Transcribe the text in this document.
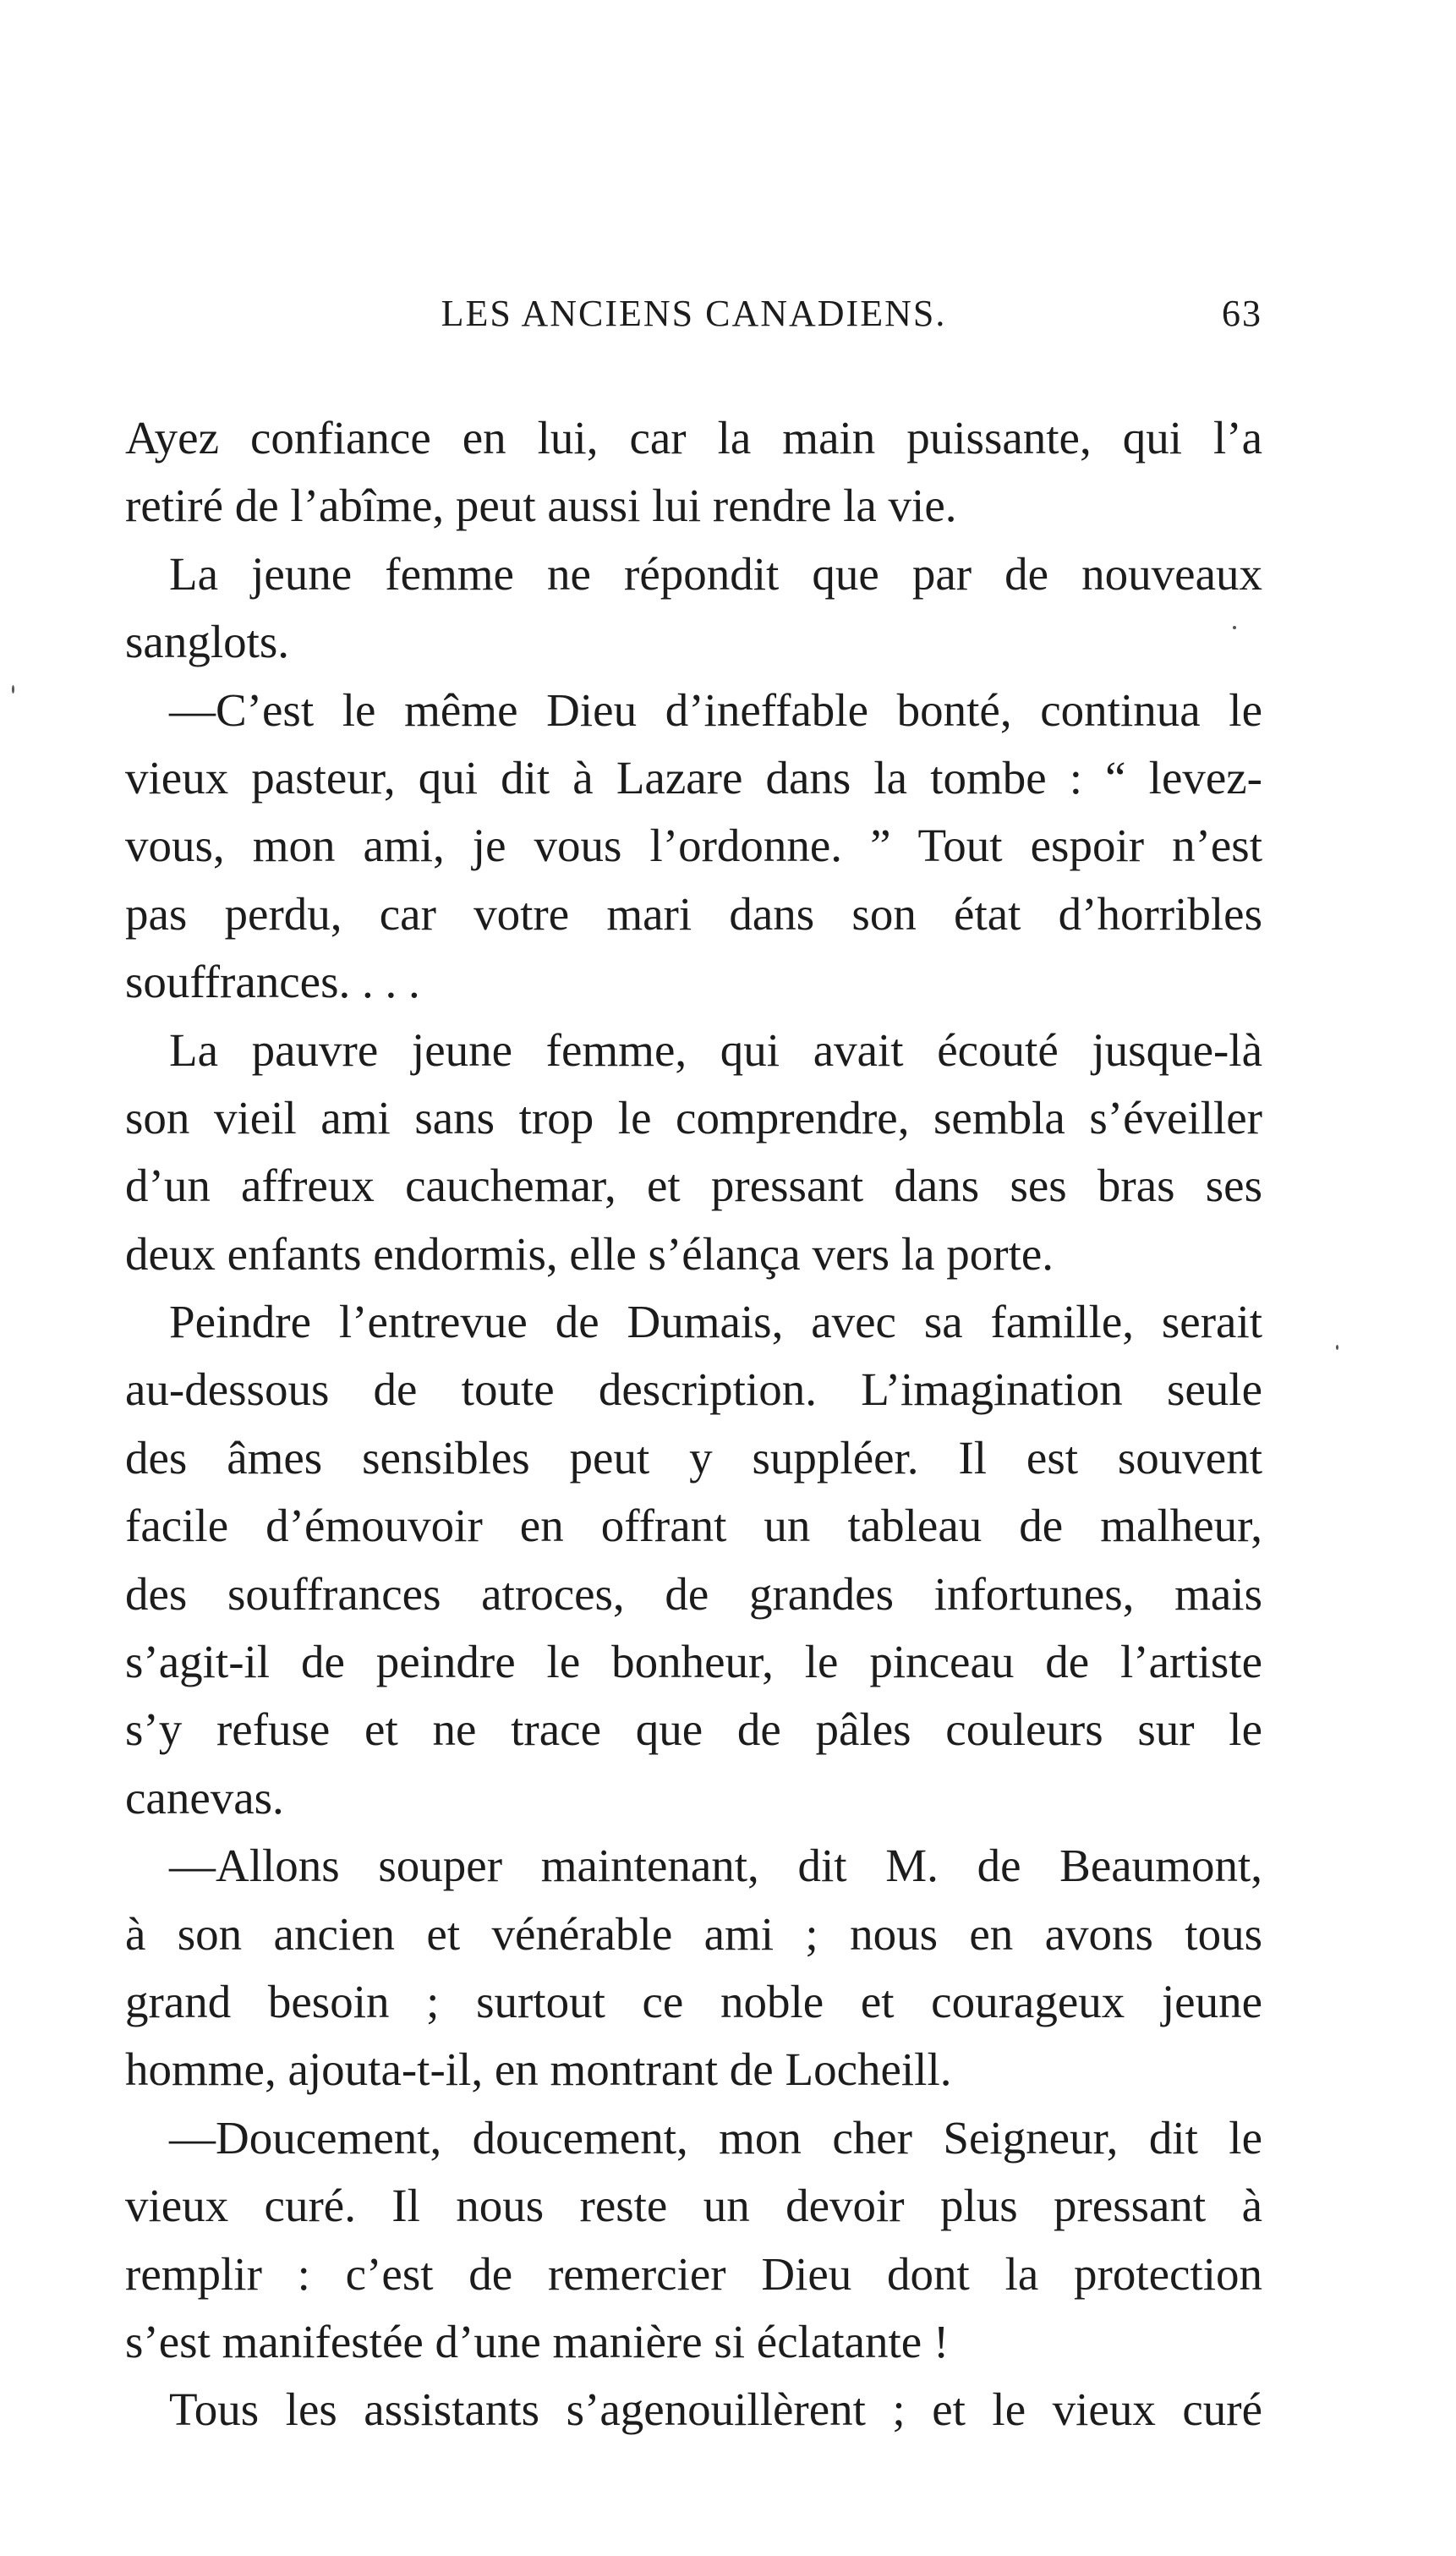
LES ANCIENS CANADIENS.	63
Ayez confiance en lui, car la main puissante, qui l’a
retiré de l’abîme, peut aussi lui rendre la vie.
La jeune femme ne répondit que par de nouveaux
sanglots.
—C’est le même Dieu d’ineffable bonté, continua le
vieux pasteur, qui dit à Lazare dans la tombe : “ levez-
vous, mon ami, je vous l’ordonne. ” Tout espoir n’est
pas perdu, car votre mari dans son état d’horribles
souffrances. . . .
La pauvre jeune femme, qui avait écouté jusque-là
son vieil ami sans trop le comprendre, sembla s’éveiller
d’un affreux cauchemar, et pressant dans ses bras ses
deux enfants endormis, elle s’élança vers la porte.
Peindre l’entrevue de Dumais, avec sa famille, serait
au-dessous de toute description. L’imagination seule
des âmes sensibles peut y suppléer. Il est souvent
facile d’émouvoir en offrant un tableau de malheur,
des souffrances atroces, de grandes infortunes, mais
s’agit-il de peindre le bonheur, le pinceau de l’artiste
s’y refuse et ne trace que de pâles couleurs sur le
canevas.
—Allons souper maintenant, dit M. de Beaumont,
à son ancien et vénérable ami ; nous en avons tous
grand besoin ; surtout ce noble et courageux jeune
homme, ajouta-t-il, en montrant de Locheill.
—Doucement, doucement, mon cher Seigneur, dit le
vieux curé. Il nous reste un devoir plus pressant à
remplir : c’est de remercier Dieu dont la protection
s’est manifestée d’une manière si éclatante !
Tous les assistants s’agenouillèrent ; et le vieux curé
